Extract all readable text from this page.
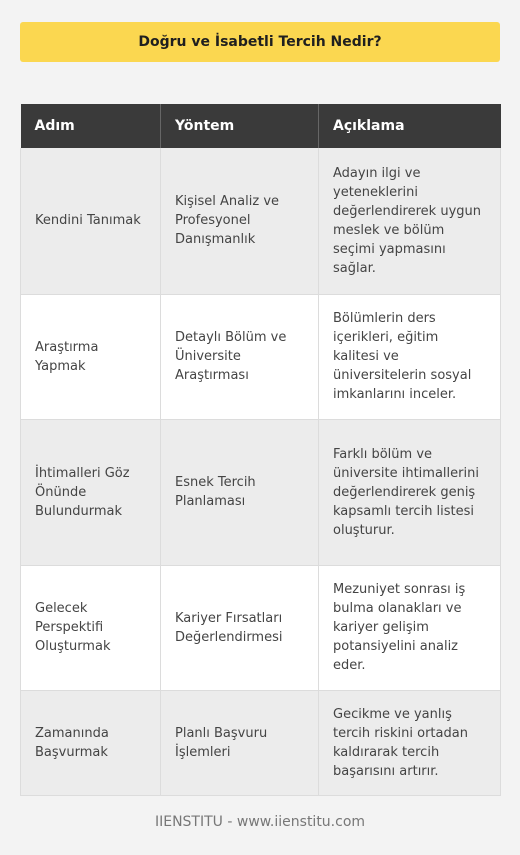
Doğru ve İsabetli Tercih Nedir?
Adım	Yöntem	Açıklama
Kendini Tanımak	Kişisel Analiz ve Profesyonel Danışmanlık	Adayın ilgi ve yeteneklerini değerlendirerek uygun meslek ve bölüm seçimi yapmasını sağlar.
Araştırma Yapmak	Detaylı Bölüm ve Üniversite Araştırması	Bölümlerin ders içerikleri, eğitim kalitesi ve üniversitelerin sosyal imkanlarını inceler.
İhtimalleri Göz Önünde Bulundurmak	Esnek Tercih Planlaması	Farklı bölüm ve üniversite ihtimallerini değerlendirerek geniş kapsamlı tercih listesi oluşturur.
Gelecek Perspektifi Oluşturmak	Kariyer Fırsatları Değerlendirmesi	Mezuniyet sonrası iş bulma olanakları ve kariyer gelişim potansiyelini analiz eder.
Zamanında Başvurmak	Planlı Başvuru İşlemleri	Gecikme ve yanlış tercih riskini ortadan kaldırarak tercih başarısını artırır.
IIENSTITU - www.iienstitu.com
